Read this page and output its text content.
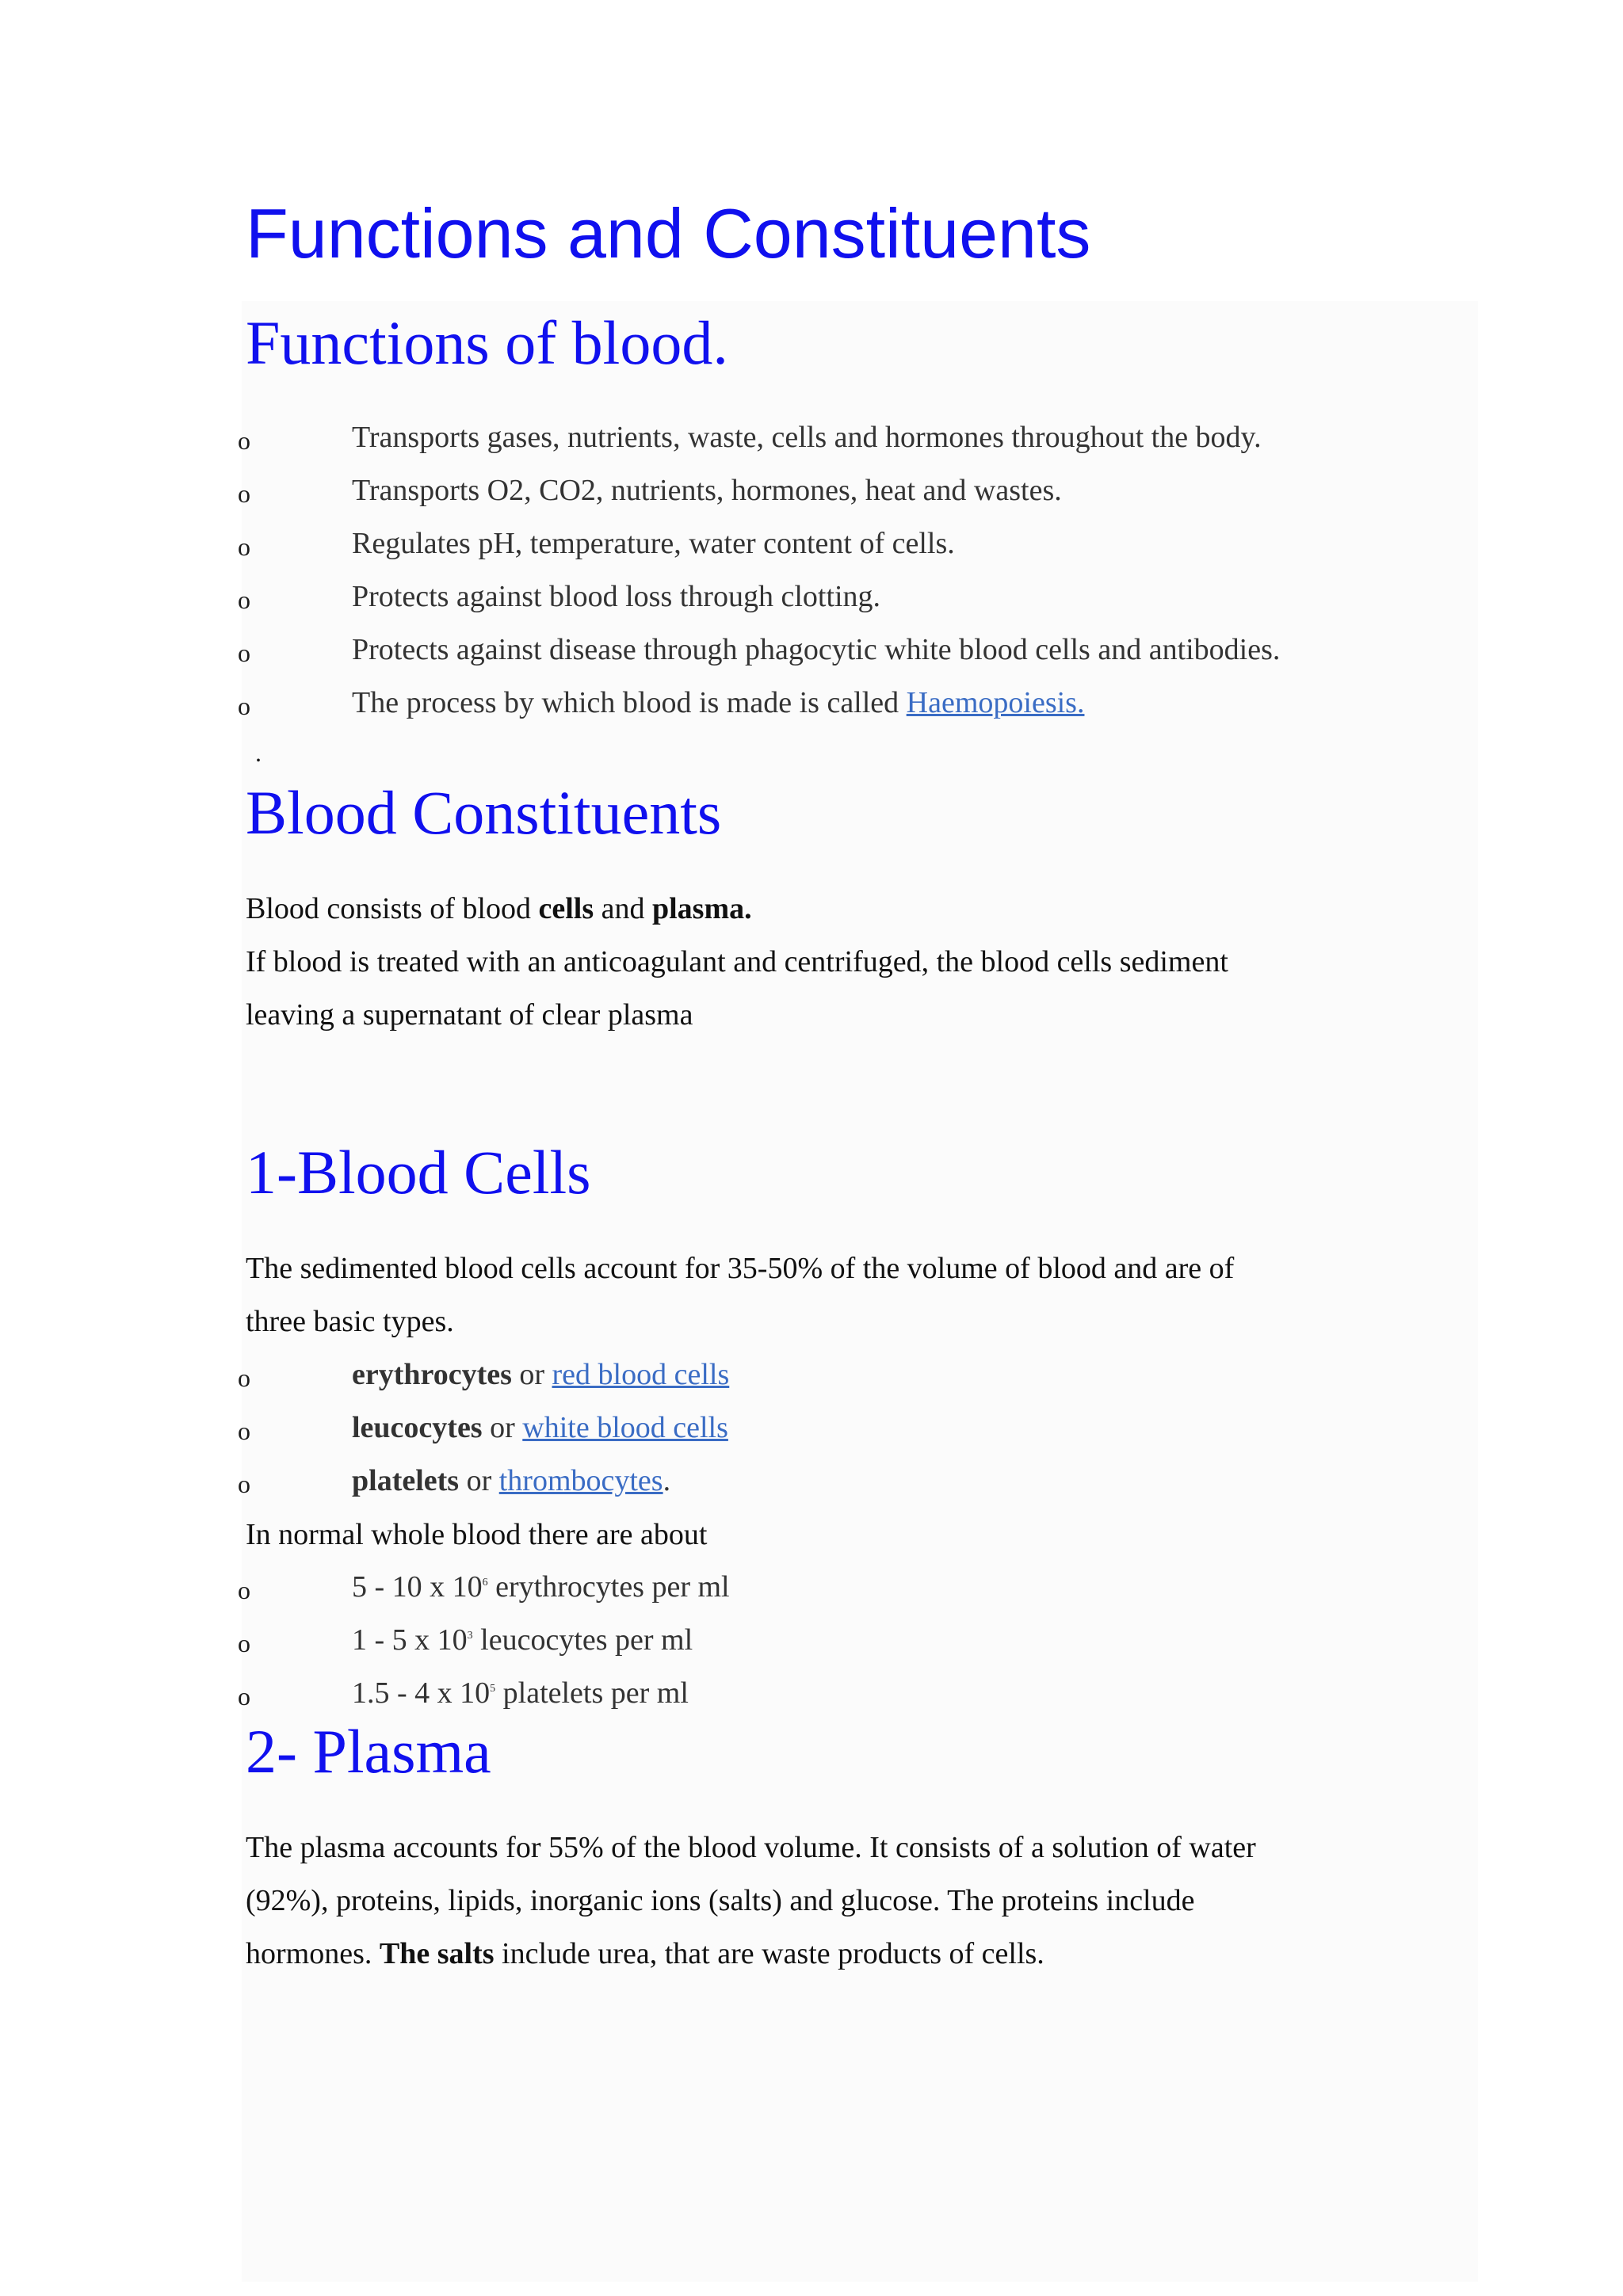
Functions and Constituents
Functions of blood.
o	Transports gases, nutrients, waste, cells and hormones throughout the body.
o	Transports O2, CO2, nutrients, hormones, heat and wastes.
o	Regulates pH, temperature, water content of cells.
o	Protects against blood loss through clotting.
o	Protects against disease through phagocytic white blood cells and antibodies.
o	The process by which blood is made is called Haemopoiesis.
.
Blood Constituents
Blood consists of blood cells and plasma.
If blood is treated with an anticoagulant and centrifuged, the blood cells sediment
leaving a supernatant of clear plasma
1-Blood Cells
The sedimented blood cells account for 35-50% of the volume of blood and are of
three basic types.
o	erythrocytes or red blood cells
o	leucocytes or white blood cells
o	platelets or thrombocytes.
In normal whole blood there are about
o	5 - 10 x $10^6$ erythrocytes per ml
o	1 - 5 x $10^3$ leucocytes per ml
o	1.5 - 4 x $10^5$ platelets per ml
2- Plasma
The plasma accounts for 55% of the blood volume. It consists of a solution of water
(92%), proteins, lipids, inorganic ions (salts) and glucose. The proteins include
hormones. The salts include urea, that are waste products of cells.
